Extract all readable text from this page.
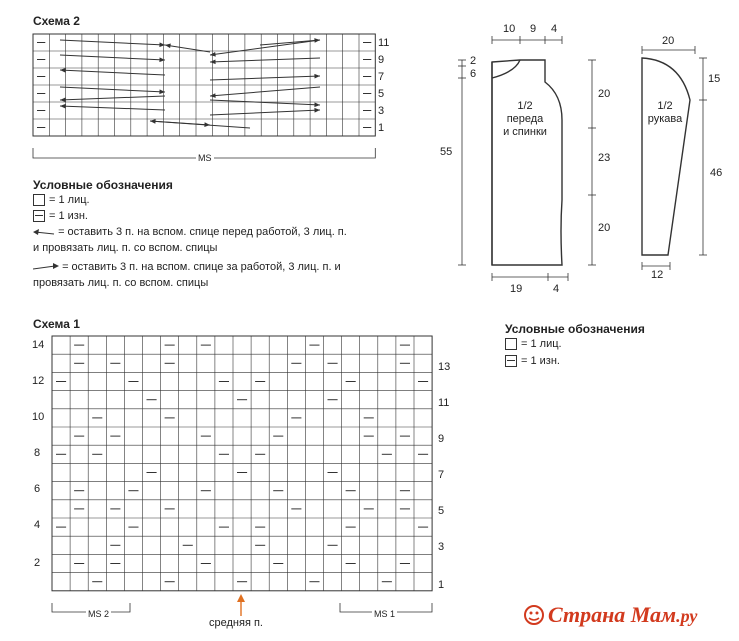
Схема 2
11
9
7
5
3
1
MS
Условные обозначения
= 1 лиц.
= 1 изн.
= оставить 3 п. на вспом. спице перед работой, 3 лиц. п.
и провязать лиц. п. со вспом. спицы
= оставить 3 п. на вспом. спице за работой, 3 лиц. п. и
провязать лиц. п. со вспом. спицы
10 9 4
2
6
55
20
23
20
19	4
1/2
переда
и спинки
20
15
46
12
1/2
рукава
Условные обозначения
= 1 лиц.
= 1 изн.
Схема 1
14
12
10
8
6
4
2
13
11
9
7
5
3
1
MS 2	MS 1
средняя п.	Страна Мам.ру
